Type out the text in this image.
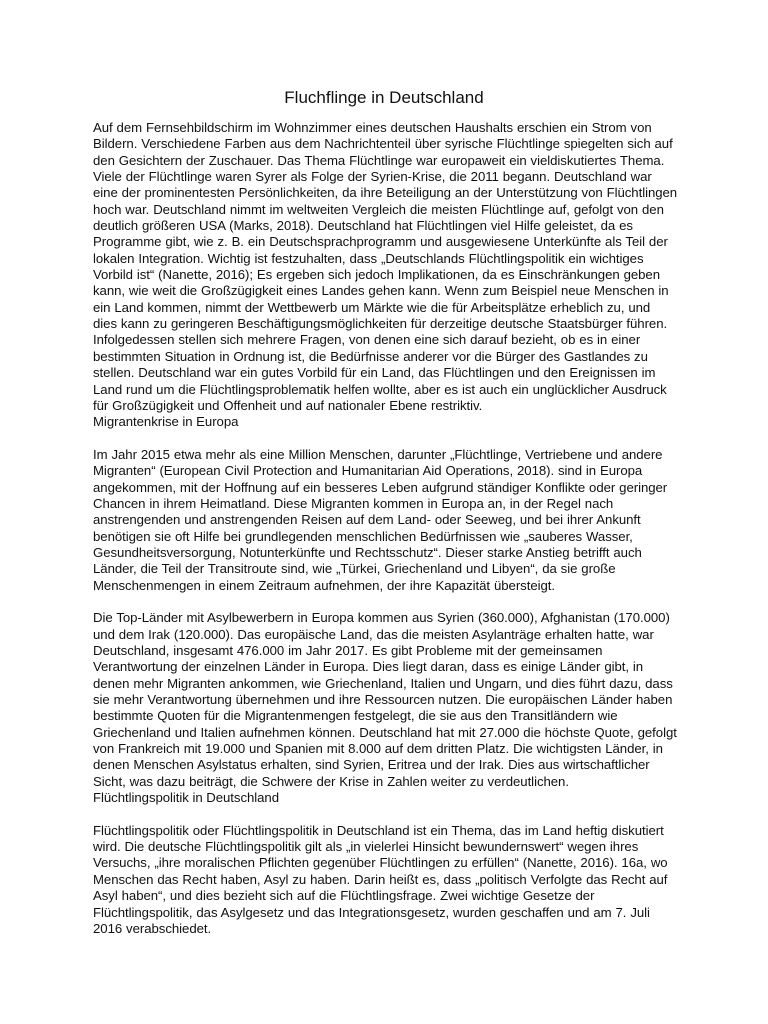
Fluchflinge in Deutschland

Auf dem Fernsehbildschirm im Wohnzimmer eines deutschen Haushalts erschien ein Strom von Bildern. Verschiedene Farben aus dem Nachrichtenteil über syrische Flüchtlinge spiegelten sich auf den Gesichtern der Zuschauer. Das Thema Flüchtlinge war europaweit ein vieldiskutiertes Thema. Viele der Flüchtlinge waren Syrer als Folge der Syrien-Krise, die 2011 begann. Deutschland war eine der prominentesten Persönlichkeiten, da ihre Beteiligung an der Unterstützung von Flüchtlingen hoch war. Deutschland nimmt im weltweiten Vergleich die meisten Flüchtlinge auf, gefolgt von den deutlich größeren USA (Marks, 2018). Deutschland hat Flüchtlingen viel Hilfe geleistet, da es Programme gibt, wie z. B. ein Deutschsprachprogramm und ausgewiesene Unterkünfte als Teil der lokalen Integration. Wichtig ist festzuhalten, dass „Deutschlands Flüchtlingspolitik ein wichtiges Vorbild ist“ (Nanette, 2016); Es ergeben sich jedoch Implikationen, da es Einschränkungen geben kann, wie weit die Großzügigkeit eines Landes gehen kann. Wenn zum Beispiel neue Menschen in ein Land kommen, nimmt der Wettbewerb um Märkte wie die für Arbeitsplätze erheblich zu, und dies kann zu geringeren Beschäftigungsmöglichkeiten für derzeitige deutsche Staatsbürger führen. Infolgedessen stellen sich mehrere Fragen, von denen eine sich darauf bezieht, ob es in einer bestimmten Situation in Ordnung ist, die Bedürfnisse anderer vor die Bürger des Gastlandes zu stellen. Deutschland war ein gutes Vorbild für ein Land, das Flüchtlingen und den Ereignissen im Land rund um die Flüchtlingsproblematik helfen wollte, aber es ist auch ein unglücklicher Ausdruck für Großzügigkeit und Offenheit und auf nationaler Ebene restriktiv.

Migrantenkrise in Europa

Im Jahr 2015 etwa mehr als eine Million Menschen, darunter „Flüchtlinge, Vertriebene und andere Migranten“ (European Civil Protection and Humanitarian Aid Operations, 2018). sind in Europa angekommen, mit der Hoffnung auf ein besseres Leben aufgrund ständiger Konflikte oder geringer Chancen in ihrem Heimatland. Diese Migranten kommen in Europa an, in der Regel nach anstrengenden und anstrengenden Reisen auf dem Land- oder Seeweg, und bei ihrer Ankunft benötigen sie oft Hilfe bei grundlegenden menschlichen Bedürfnissen wie „sauberes Wasser, Gesundheitsversorgung, Notunterkünfte und Rechtsschutz“. Dieser starke Anstieg betrifft auch Länder, die Teil der Transitroute sind, wie „Türkei, Griechenland und Libyen“, da sie große Menschenmengen in einem Zeitraum aufnehmen, der ihre Kapazität übersteigt.

Die Top-Länder mit Asylbewerbern in Europa kommen aus Syrien (360.000), Afghanistan (170.000) und dem Irak (120.000). Das europäische Land, das die meisten Asylanträge erhalten hatte, war Deutschland, insgesamt 476.000 im Jahr 2017. Es gibt Probleme mit der gemeinsamen Verantwortung der einzelnen Länder in Europa. Dies liegt daran, dass es einige Länder gibt, in denen mehr Migranten ankommen, wie Griechenland, Italien und Ungarn, und dies führt dazu, dass sie mehr Verantwortung übernehmen und ihre Ressourcen nutzen. Die europäischen Länder haben bestimmte Quoten für die Migrantenmengen festgelegt, die sie aus den Transitländern wie Griechenland und Italien aufnehmen können. Deutschland hat mit 27.000 die höchste Quote, gefolgt von Frankreich mit 19.000 und Spanien mit 8.000 auf dem dritten Platz. Die wichtigsten Länder, in denen Menschen Asylstatus erhalten, sind Syrien, Eritrea und der Irak. Dies aus wirtschaftlicher Sicht, was dazu beiträgt, die Schwere der Krise in Zahlen weiter zu verdeutlichen.

Flüchtlingspolitik in Deutschland

Flüchtlingspolitik oder Flüchtlingspolitik in Deutschland ist ein Thema, das im Land heftig diskutiert wird. Die deutsche Flüchtlingspolitik gilt als „in vielerlei Hinsicht bewundernswert“ wegen ihres Versuchs, „ihre moralischen Pflichten gegenüber Flüchtlingen zu erfüllen“ (Nanette, 2016). 16a, wo Menschen das Recht haben, Asyl zu haben. Darin heißt es, dass „politisch Verfolgte das Recht auf Asyl haben“, und dies bezieht sich auf die Flüchtlingsfrage. Zwei wichtige Gesetze der Flüchtlingspolitik, das Asylgesetz und das Integrationsgesetz, wurden geschaffen und am 7. Juli 2016 verabschiedet.
